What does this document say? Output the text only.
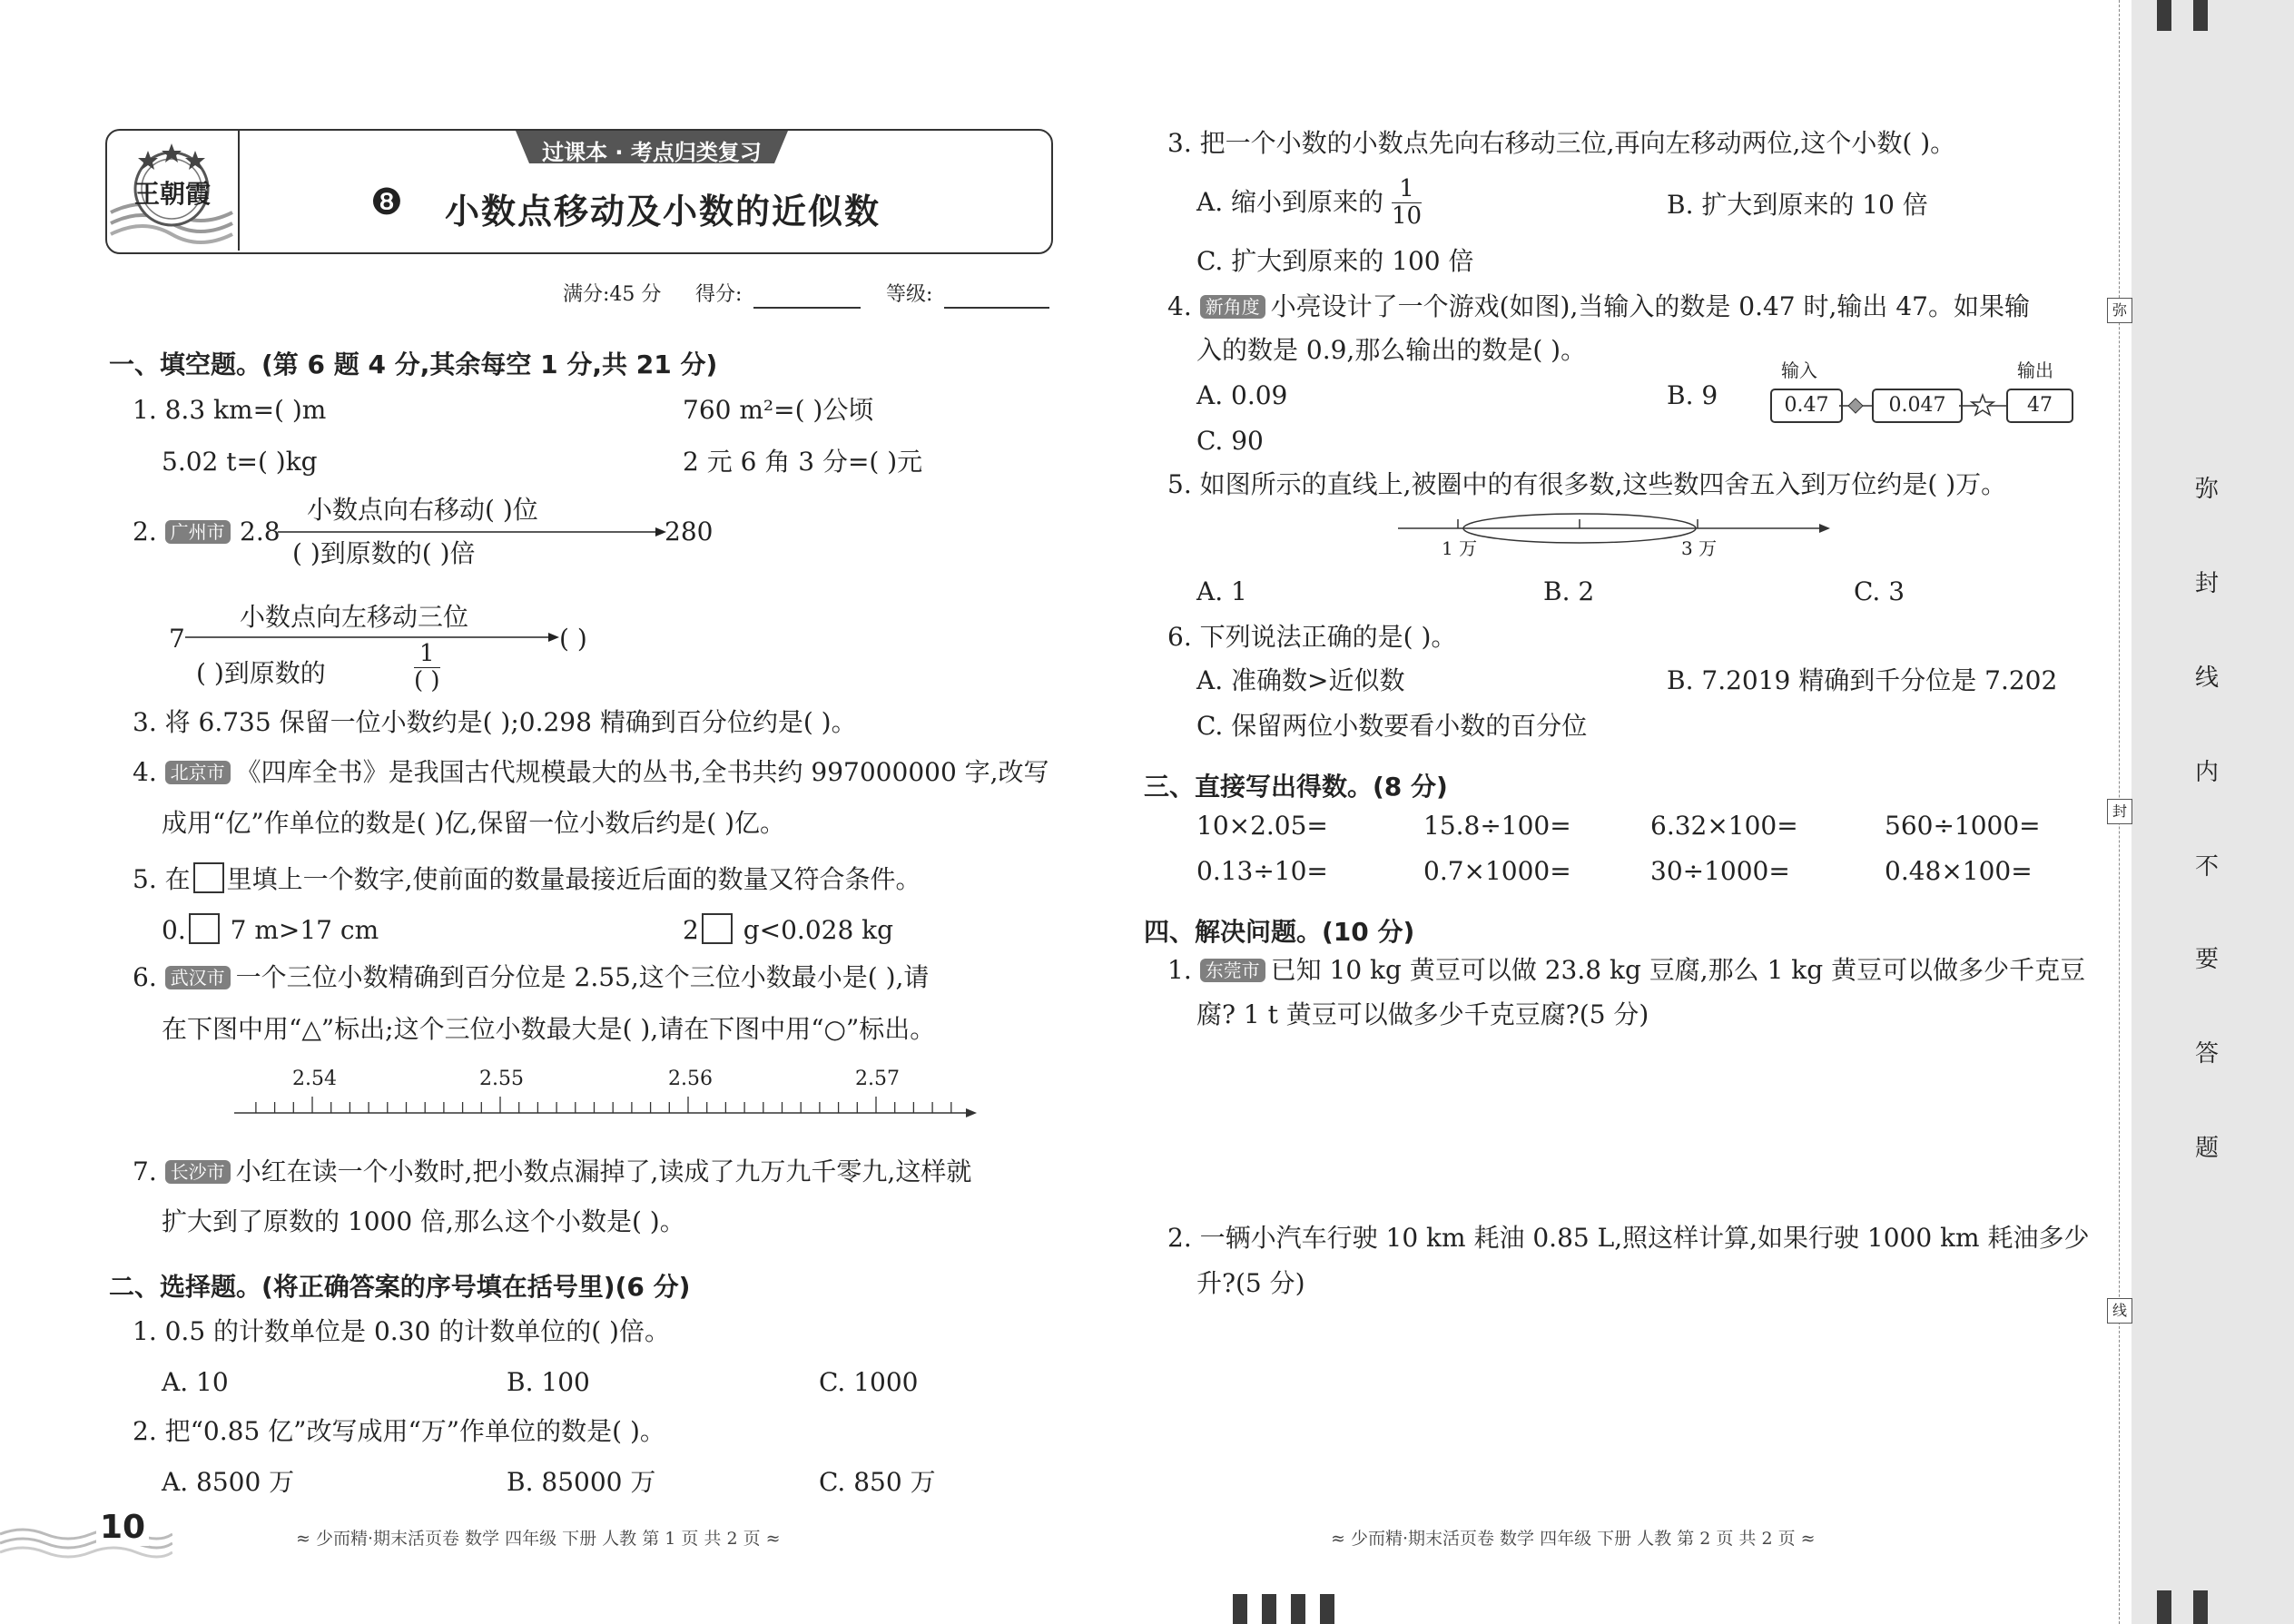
王朝霞
过课本 · 考点归类复习
❽ 小数点移动及小数的近似数
满分:45 分 得分:	等级:
一、填空题。(第 6 题 4 分,其余每空 1 分,共 21 分)
1. 8.3 km=( )m	760 m²=( )公顷
5.02 t=( )kg	2 元 6 角 3 分=( )元
2. 广州市 2.8
小数点向右移动( )位
( )到原数的( )倍
280
7
小数点向左移动三位
( )
( )到原数的	$\frac{1}{( )}$
3. 将 6.735 保留一位小数约是( );0.298 精确到百分位约是( )。
4. 北京市 《四库全书》是我国古代规模最大的丛书,全书共约 997000000 字,改写
成用“亿”作单位的数是( )亿,保留一位小数后约是( )亿。
5. 在 里填上一个数字,使前面的数量最接近后面的数量又符合条件。
0. 7 m>17 cm	2 g<0.028 kg
6. 武汉市 一个三位小数精确到百分位是 2.55,这个三位小数最小是( ),请
在下图中用“△”标出;这个三位小数最大是( ),请在下图中用“○”标出。
2.54	2.55	2.56	2.57
7. 长沙市 小红在读一个小数时,把小数点漏掉了,读成了九万九千零九,这样就
扩大到了原数的 1000 倍,那么这个小数是( )。
二、选择题。(将正确答案的序号填在括号里)(6 分)
1. 0.5 的计数单位是 0.30 的计数单位的( )倍。
A. 10	B. 100	C. 1000
2. 把“0.85 亿”改写成用“万”作单位的数是( )。
A. 8500 万	B. 85000 万	C. 850 万
3. 把一个小数的小数点先向右移动三位,再向左移动两位,这个小数( )。
A. 缩小到原来的 $\frac{1}{10}$	B. 扩大到原来的 10 倍
C. 扩大到原来的 100 倍
4. 新角度 小亮设计了一个游戏(如图),当输入的数是 0.47 时,输出 47。如果输
入的数是 0.9,那么输出的数是( )。
A. 0.09	B. 9
C. 90
输入	输出
0.47	0.047	47
5. 如图所示的直线上,被圈中的有很多数,这些数四舍五入到万位约是( )万。
1 万	3 万
A. 1	B. 2	C. 3
6. 下列说法正确的是( )。
A. 准确数>近似数	B. 7.2019 精确到千分位是 7.202
C. 保留两位小数要看小数的百分位
三、直接写出得数。(8 分)
10×2.05=	15.8÷100=	6.32×100=	560÷1000=
0.13÷10=	0.7×1000=	30÷1000=	0.48×100=
四、解决问题。(10 分)
1. 东莞市 已知 10 kg 黄豆可以做 23.8 kg 豆腐,那么 1 kg 黄豆可以做多少千克豆
腐? 1 t 黄豆可以做多少千克豆腐?(5 分)
2. 一辆小汽车行驶 10 km 耗油 0.85 L,照这样计算,如果行驶 1000 km 耗油多少
升?(5 分)
10	≈ 少而精·期末活页卷 数学 四年级 下册 人教 第 1 页 共 2 页 ≈	≈ 少而精·期末活页卷 数学 四年级 下册 人教 第 2 页 共 2 页 ≈
弥
封
线
内
不
要
答
题
弥
封
线
